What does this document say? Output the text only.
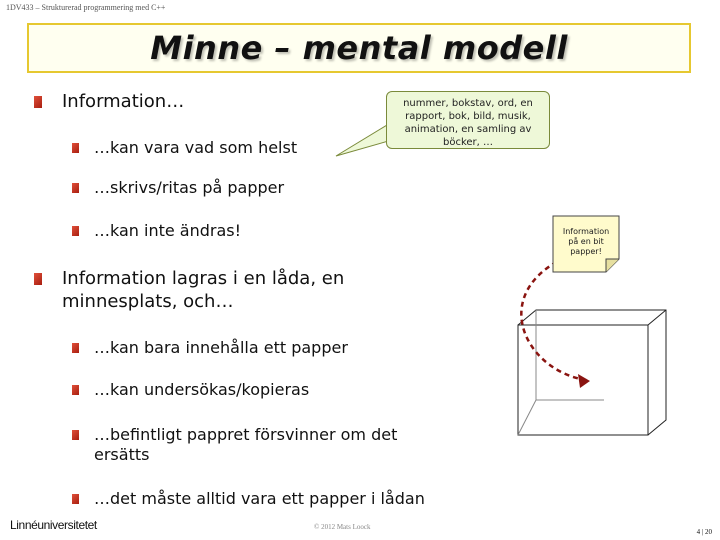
1DV433 – Strukturerad programmering med C++
Minne – mental modell
Information…
…kan vara vad som helst
…skrivs/ritas på papper
…kan inte ändras!
Information lagras i en låda, en
minnesplats, och…
…kan bara innehålla ett papper
…kan undersökas/kopieras
…befintligt pappret försvinner om det
ersätts
…det måste alltid vara ett papper i lådan
nummer, bokstav, ord, en
rapport, bok, bild, musik,
animation, en samling av
böcker, …
Information
på en bit
papper!
Linnéuniversitetet	© 2012 Mats Loock
4 | 20
